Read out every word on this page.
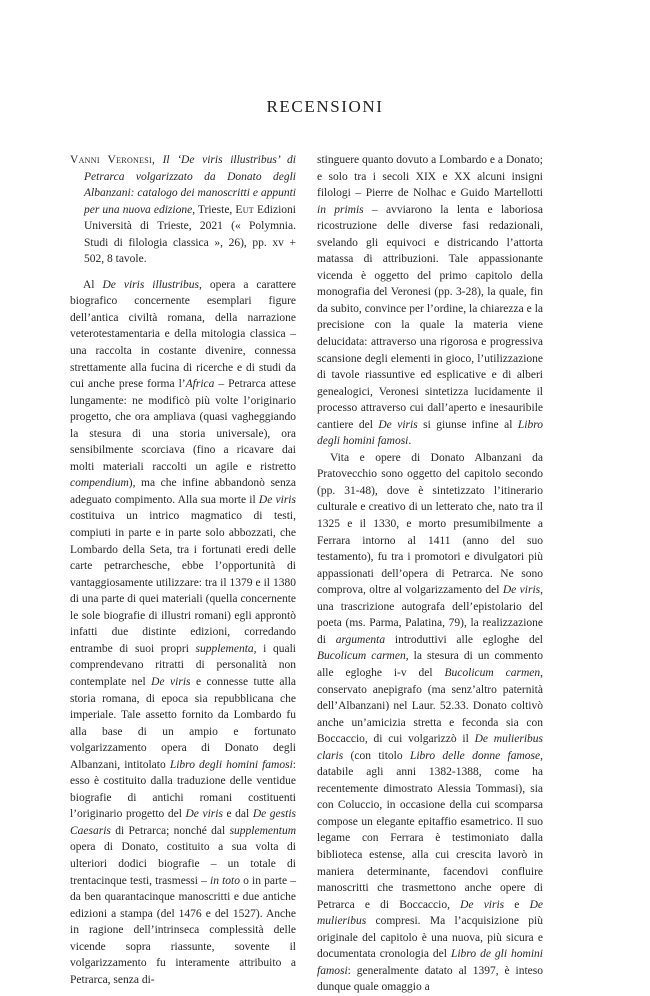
RECENSIONI

Vanni Veronesi, Il ‘De viris illustribus’ di Petrarca volgarizzato da Donato degli Albanzani: catalogo dei manoscritti e appunti per una nuova edizione, Trieste, Eut Edizioni Università di Trieste, 2021 (« Polymnia. Studi di filologia classica », 26), pp. xv + 502, 8 tavole.

Al De viris illustribus, opera a carattere biografico concernente esemplari figure dell’antica civiltà romana, della narrazione veterotestamentaria e della mitologia classica – una raccolta in costante divenire, connessa strettamente alla fucina di ricerche e di studi da cui anche prese forma l’Africa – Petrarca attese lungamente: ne modificò più volte l’originario progetto, che ora ampliava (quasi vagheggiando la stesura di una storia universale), ora sensibilmente scorciava (fino a ricavare dai molti materiali raccolti un agile e ristretto compendium), ma che infine abbandonò senza adeguato compimento. Alla sua morte il De viris costituiva un intrico magmatico di testi, compiuti in parte e in parte solo abbozzati, che Lombardo della Seta, tra i fortunati eredi delle carte petrarchesche, ebbe l’opportunità di vantaggiosamente utilizzare: tra il 1379 e il 1380 di una parte di quei materiali (quella concernente le sole biografie di illustri romani) egli approntò infatti due distinte edizioni, corredando entrambe di suoi propri supplementa, i quali comprendevano ritratti di personalità non contemplate nel De viris e connesse tutte alla storia romana, di epoca sia repubblicana che imperiale. Tale assetto fornito da Lombardo fu alla base di un ampio e fortunato volgarizzamento opera di Donato degli Albanzani, intitolato Libro degli homini famosi: esso è costituito dalla traduzione delle ventidue biografie di antichi romani costituenti l’originario progetto del De viris e dal De gestis Caesaris di Petrarca; nonché dal supplementum opera di Donato, costituito a sua volta di ulteriori dodici biografie – un totale di trentacinque testi, trasmessi – in toto o in parte – da ben quarantacinque manoscritti e due antiche edizioni a stampa (del 1476 e del 1527). Anche in ragione dell’intrinseca complessità delle vicende sopra riassunte, sovente il volgarizzamento fu interamente attribuito a Petrarca, senza di-

stinguere quanto dovuto a Lombardo e a Donato; e solo tra i secoli XIX e XX alcuni insigni filologi – Pierre de Nolhac e Guido Martellotti in primis – avviarono la lenta e laboriosa ricostruzione delle diverse fasi redazionali, svelando gli equivoci e districando l’attorta matassa di attribuzioni. Tale appassionante vicenda è oggetto del primo capitolo della monografia del Veronesi (pp. 3-28), la quale, fin da subito, convince per l’ordine, la chiarezza e la precisione con la quale la materia viene delucidata: attraverso una rigorosa e progressiva scansione degli elementi in gioco, l’utilizzazione di tavole riassuntive ed esplicative e di alberi genealogici, Veronesi sintetizza lucidamente il processo attraverso cui dall’aperto e inesauribile cantiere del De viris si giunse infine al Libro degli homini famosi.

Vita e opere di Donato Albanzani da Pratovecchio sono oggetto del capitolo secondo (pp. 31-48), dove è sintetizzato l’itinerario culturale e creativo di un letterato che, nato tra il 1325 e il 1330, e morto presumibilmente a Ferrara intorno al 1411 (anno del suo testamento), fu tra i promotori e divulgatori più appassionati dell’opera di Petrarca. Ne sono comprova, oltre al volgarizzamento del De viris, una trascrizione autografa dell’epistolario del poeta (ms. Parma, Palatina, 79), la realizzazione di argumenta introduttivi alle egloghe del Bucolicum carmen, la stesura di un commento alle egloghe i-v del Bucolicum carmen, conservato anepigrafo (ma senz’altro paternità dell’Albanzani) nel Laur. 52.33. Donato coltivò anche un’amicizia stretta e feconda sia con Boccaccio, di cui volgarizzò il De mulieribus claris (con titolo Libro delle donne famose, databile agli anni 1382-1388, come ha recentemente dimostrato Alessia Tommasi), sia con Coluccio, in occasione della cui scomparsa compose un elegante epitaffio esametrico. Il suo legame con Ferrara è testimoniato dalla biblioteca estense, alla cui crescita lavorò in maniera determinante, facendovi confluire manoscritti che trasmettono anche opere di Petrarca e di Boccaccio, De viris e De mulieribus compresi. Ma l’acquisizione più originale del capitolo è una nuova, più sicura e documentata cronologia del Libro de gli homini famosi: generalmente datato al 1397, è inteso dunque quale omaggio a
